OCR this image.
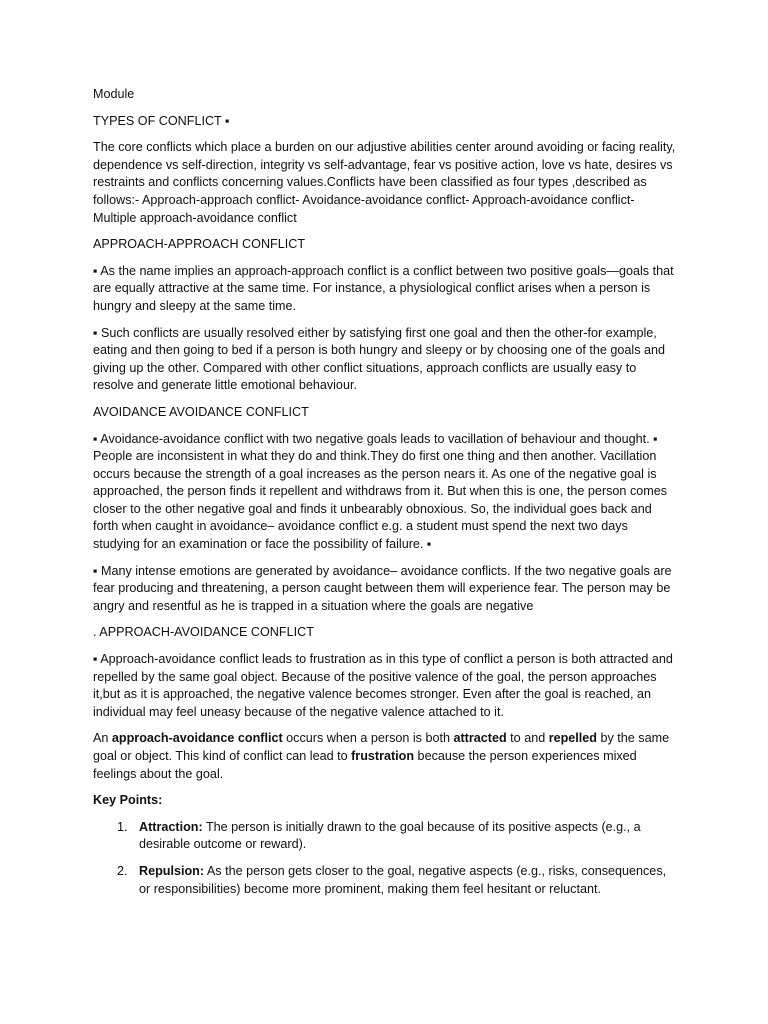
Module

TYPES OF CONFLICT ▪

The core conflicts which place a burden on our adjustive abilities center around avoiding or facing reality, dependence vs self-direction, integrity vs self-advantage, fear vs positive action, love vs hate, desires vs restraints and conflicts concerning values.Conflicts have been classified as four types ,described as follows:- Approach-approach conflict- Avoidance-avoidance conflict- Approach-avoidance conflict- Multiple approach-avoidance conflict

APPROACH-APPROACH CONFLICT

▪ As the name implies an approach-approach conflict is a conflict between two positive goals—goals that are equally attractive at the same time. For instance, a physiological conflict arises when a person is hungry and sleepy at the same time.

▪ Such conflicts are usually resolved either by satisfying first one goal and then the other-for example, eating and then going to bed if a person is both hungry and sleepy or by choosing one of the goals and giving up the other. Compared with other conflict situations, approach conflicts are usually easy to resolve and generate little emotional behaviour.

AVOIDANCE AVOIDANCE CONFLICT

▪ Avoidance-avoidance conflict with two negative goals leads to vacillation of behaviour and thought. ▪ People are inconsistent in what they do and think.They do first one thing and then another. Vacillation occurs because the strength of a goal increases as the person nears it. As one of the negative goal is approached, the person finds it repellent and withdraws from it. But when this is one, the person comes closer to the other negative goal and finds it unbearably obnoxious. So, the individual goes back and forth when caught in avoidance– avoidance conflict e.g. a student must spend the next two days studying for an examination or face the possibility of failure. ▪

▪ Many intense emotions are generated by avoidance– avoidance conflicts. If the two negative goals are fear producing and threatening, a person caught between them will experience fear. The person may be angry and resentful as he is trapped in a situation where the goals are negative

. APPROACH-AVOIDANCE CONFLICT

▪ Approach-avoidance conflict leads to frustration as in this type of conflict a person is both attracted and repelled by the same goal object. Because of the positive valence of the goal, the person approaches it,but as it is approached, the negative valence becomes stronger. Even after the goal is reached, an individual may feel uneasy because of the negative valence attached to it.

An approach-avoidance conflict occurs when a person is both attracted to and repelled by the same goal or object. This kind of conflict can lead to frustration because the person experiences mixed feelings about the goal.

Key Points:

1. Attraction: The person is initially drawn to the goal because of its positive aspects (e.g., a desirable outcome or reward).
2. Repulsion: As the person gets closer to the goal, negative aspects (e.g., risks, consequences, or responsibilities) become more prominent, making them feel hesitant or reluctant.
